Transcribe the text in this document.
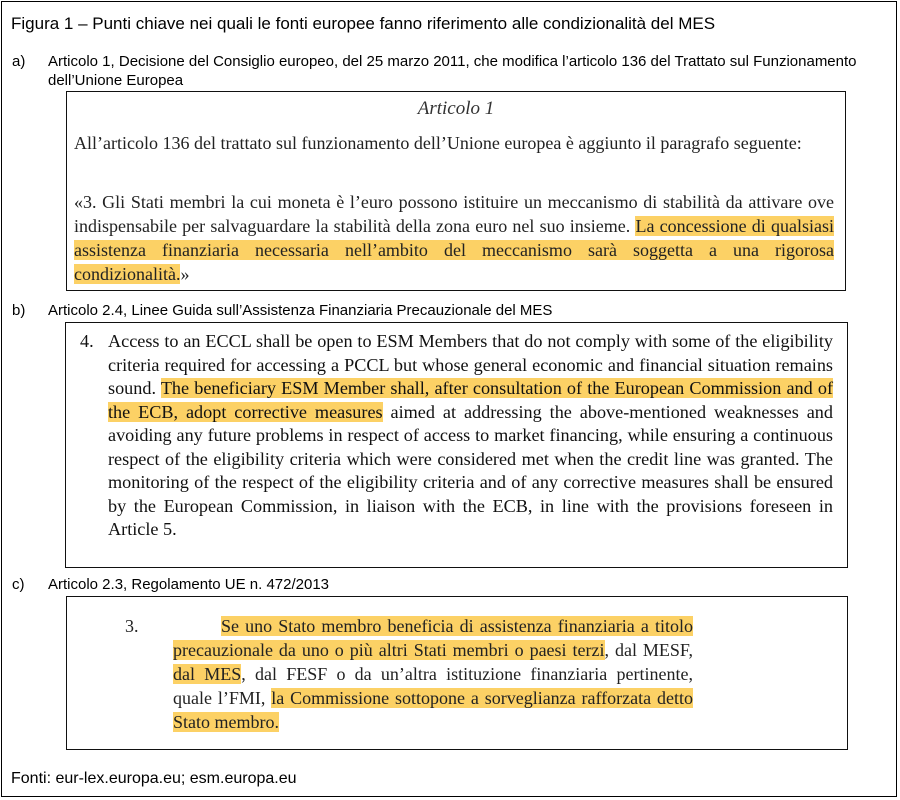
Figura 1 – Punti chiave nei quali le fonti europee fanno riferimento alle condizionalità del MES
a) Articolo 1, Decisione del Consiglio europeo, del 25 marzo 2011, che modifica l’articolo 136 del Trattato sul Funzionamento dell’Unione Europea
Articolo 1
All’articolo 136 del trattato sul funzionamento dell’Unione europea è aggiunto il paragrafo seguente:
«3. Gli Stati membri la cui moneta è l’euro possono istituire un meccanismo di stabilità da attivare ove indispensabile per salvaguardare la stabilità della zona euro nel suo insieme. La concessione di qualsiasi assistenza finanziaria necessaria nell’ambito del meccanismo sarà soggetta a una rigorosa condizionalità.»
b) Articolo 2.4, Linee Guida sull’Assistenza Finanziaria Precauzionale del MES
4. Access to an ECCL shall be open to ESM Members that do not comply with some of the eligibility criteria required for accessing a PCCL but whose general economic and financial situation remains sound. The beneficiary ESM Member shall, after consultation of the European Commission and of the ECB, adopt corrective measures aimed at addressing the above-mentioned weaknesses and avoiding any future problems in respect of access to market financing, while ensuring a continuous respect of the eligibility criteria which were considered met when the credit line was granted. The monitoring of the respect of the eligibility criteria and of any corrective measures shall be ensured by the European Commission, in liaison with the ECB, in line with the provisions foreseen in Article 5.
c) Articolo 2.3, Regolamento UE n. 472/2013
3.	Se uno Stato membro beneficia di assistenza finanziaria a titolo precauzionale da uno o più altri Stati membri o paesi terzi, dal MESF, dal MES, dal FESF o da un’altra istituzione finanziaria pertinente, quale l’FMI, la Commissione sottopone a sorveglianza rafforzata detto Stato membro.
Fonti: eur-lex.europa.eu; esm.europa.eu
